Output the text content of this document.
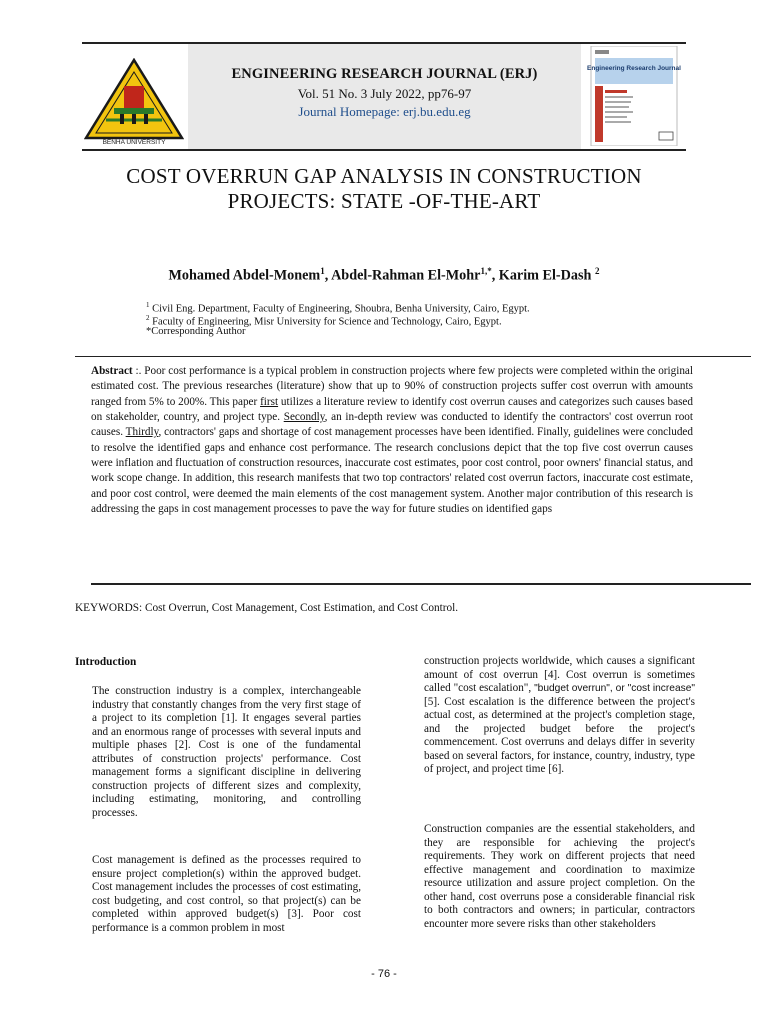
BENHA UNIVERSITY
ENGINEERING RESEARCH JOURNAL (ERJ)
Vol. 51 No. 3 July 2022, pp76-97
Journal Homepage: erj.bu.edu.eg
Engineering Research Journal
COST OVERRUN GAP ANALYSIS IN CONSTRUCTION
PROJECTS: STATE -OF-THE-ART
Mohamed Abdel-Monem$^1$, Abdel-Rahman El-Mohr$^{1,*}$, Karim El-Dash $^2$
$^1$ Civil Eng. Department, Faculty of Engineering, Shoubra, Benha University, Cairo, Egypt.
$^2$ Faculty of Engineering, Misr University for Science and Technology, Cairo, Egypt.
*Corresponding Author
Abstract :. Poor cost performance is a typical problem in construction projects where few projects were completed within the original estimated cost. The previous researches (literature) show that up to 90% of construction projects suffer cost overrun with amounts ranged from 5% to 200%. This paper first utilizes a literature review to identify cost overrun causes and categorizes such causes based on stakeholder, country, and project type. Secondly, an in-depth review was conducted to identify the contractors' cost overrun root causes. Thirdly, contractors' gaps and shortage of cost management processes have been identified. Finally, guidelines were concluded to resolve the identified gaps and enhance cost performance. The research conclusions depict that the top five cost overrun causes were inflation and fluctuation of construction resources, inaccurate cost estimates, poor cost control, poor owners' financial status, and work scope change. In addition, this research manifests that two top contractors' related cost overrun factors, inaccurate cost estimate, and poor cost control, were deemed the main elements of the cost management system. Another major contribution of this research is addressing the gaps in cost management processes to pave the way for future studies on identified gaps
KEYWORDS: Cost Overrun, Cost Management, Cost Estimation, and Cost Control.
Introduction
The construction industry is a complex, interchangeable industry that constantly changes from the very first stage of a project to its completion [1]. It engages several parties and an enormous range of processes with several inputs and multiple phases [2]. Cost is one of the fundamental attributes of construction projects' performance. Cost management forms a significant discipline in delivering construction projects of different sizes and complexity, including estimating, monitoring, and controlling processes.
Cost management is defined as the processes required to ensure project completion(s) within the approved budget. Cost management includes the processes of cost estimating, cost budgeting, and cost control, so that project(s) can be completed within approved budget(s) [3]. Poor cost performance is a common problem in most
construction projects worldwide, which causes a significant amount of cost overrun [4]. Cost overrun is sometimes called "cost escalation", "budget overrun", or "cost increase" [5]. Cost escalation is the difference between the project's actual cost, as determined at the project's completion stage, and the projected budget before the project's commencement. Cost overruns and delays differ in severity based on several factors, for instance, country, industry, type of project, and project time [6].
Construction companies are the essential stakeholders, and they are responsible for achieving the project's requirements. They work on different projects that need effective management and coordination to maximize resource utilization and assure project completion. On the other hand, cost overruns pose a considerable financial risk to both contractors and owners; in particular, contractors encounter more severe risks than other stakeholders
- 76 -
